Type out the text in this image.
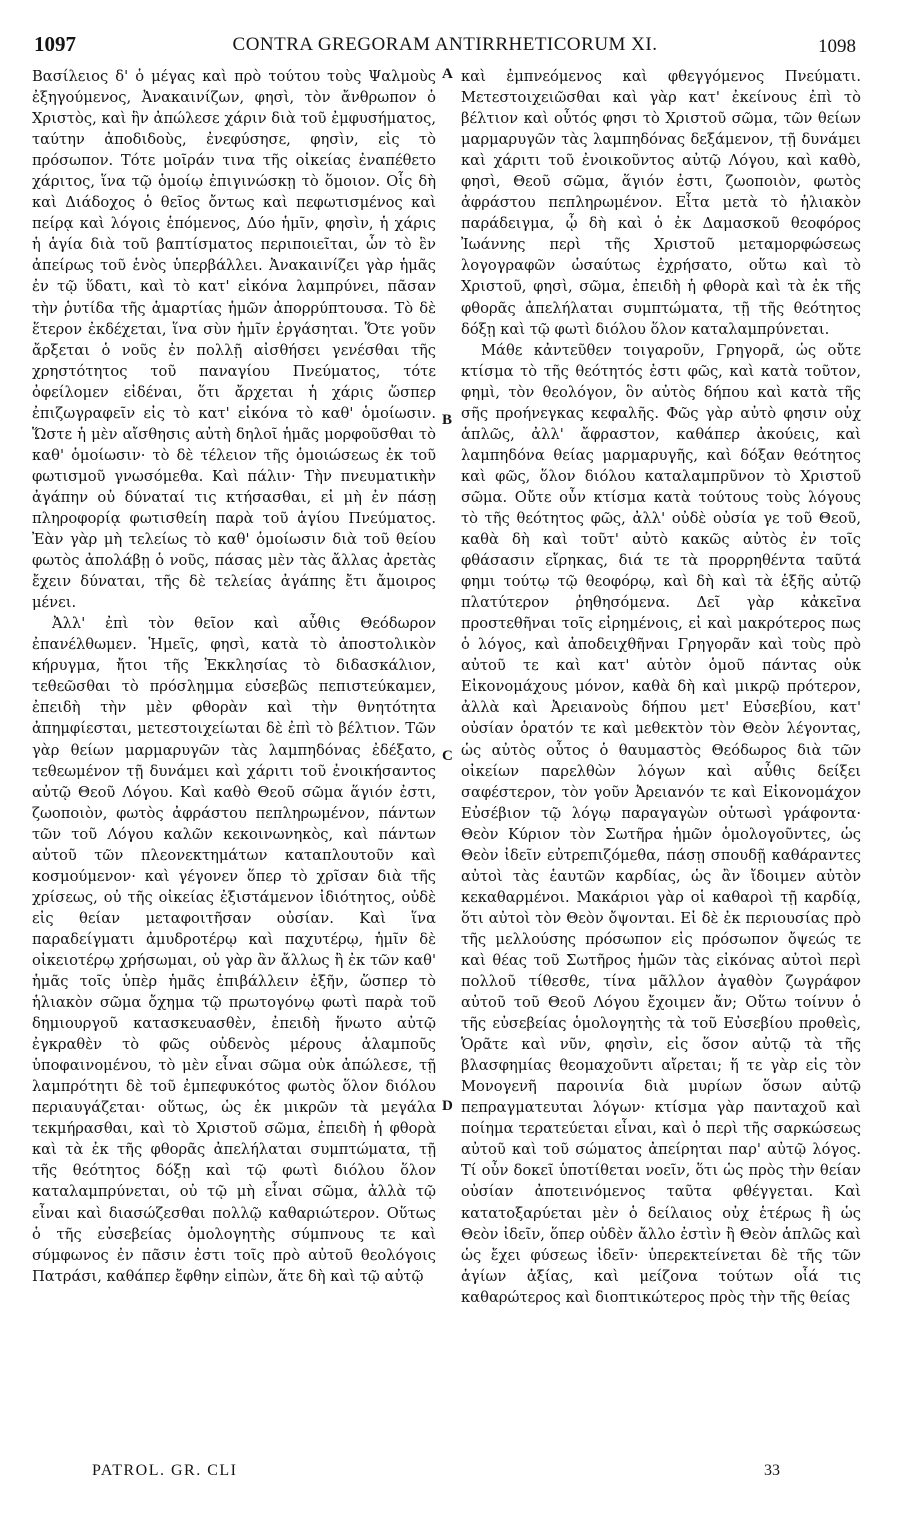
1097	CONTRA GREGORAM ANTIRRHETICORUM XI.	1098

Βασίλειος δ' ὁ μέγας καὶ πρὸ τούτου τοὺς Ψαλμοὺς ἐξηγούμενος, Ἀνακαινίζων, φησὶ, τὸν ἄνθρωπον ὁ Χριστὸς, καὶ ἣν ἀπώλεσε χάριν διὰ τοῦ ἐμφυσήματος, ταύτην ἀποδιδοὺς, ἐνεφύσησε, φησὶν, εἰς τὸ πρόσωπον. Τότε μοῖράν τινα τῆς οἰκείας ἐναπέθετο χάριτος, ἵνα τῷ ὁμοίῳ ἐπιγινώσκῃ τὸ ὅμοιον. Οἷς δὴ καὶ Διάδοχος ὁ θεῖος ὄντως καὶ πεφωτισμένος καὶ πείρᾳ καὶ λόγοις ἑπόμενος, Δύο ἡμῖν, φησὶν, ἡ χάρις ἡ ἁγία διὰ τοῦ βαπτίσματος περιποιεῖται, ὧν τὸ ἓν ἀπείρως τοῦ ἑνὸς ὑπερβάλλει. Ἀνακαινίζει γὰρ ἡμᾶς ἐν τῷ ὕδατι, καὶ τὸ κατ' εἰκόνα λαμπρύνει, πᾶσαν τὴν ῥυτίδα τῆς ἁμαρτίας ἡμῶν ἀπορρύπτουσα. Τὸ δὲ ἕτερον ἐκδέχεται, ἵνα σὺν ἡμῖν ἐργάσηται. Ὅτε γοῦν ἄρξεται ὁ νοῦς ἐν πολλῇ αἰσθήσει γενέσθαι τῆς χρηστότητος τοῦ παναγίου Πνεύματος, τότε ὀφείλομεν εἰδέναι, ὅτι ἄρχεται ἡ χάρις ὥσπερ ἐπιζωγραφεῖν εἰς τὸ κατ' εἰκόνα τὸ καθ' ὁμοίωσιν. Ὥστε ἡ μὲν αἴσθησις αὐτὴ δηλοῖ ἡμᾶς μορφοῦσθαι τὸ καθ' ὁμοίωσιν· τὸ δὲ τέλειον τῆς ὁμοιώσεως ἐκ τοῦ φωτισμοῦ γνωσόμεθα. Καὶ πάλιν· Τὴν πνευματικὴν ἀγάπην οὐ δύναταί τις κτήσασθαι, εἰ μὴ ἐν πάσῃ πληροφορίᾳ φωτισθείη παρὰ τοῦ ἁγίου Πνεύματος. Ἐὰν γὰρ μὴ τελείως τὸ καθ' ὁμοίωσιν διὰ τοῦ θείου φωτὸς ἀπολάβῃ ὁ νοῦς, πάσας μὲν τὰς ἄλλας ἀρετὰς ἔχειν δύναται, τῆς δὲ τελείας ἀγάπης ἔτι ἄμοιρος μένει.

Ἀλλ' ἐπὶ τὸν θεῖον καὶ αὖθις Θεόδωρον ἐπανέλθωμεν. Ἡμεῖς, φησὶ, κατὰ τὸ ἀποστολικὸν κήρυγμα, ἤτοι τῆς Ἐκκλησίας τὸ διδασκάλιον, τεθεῶσθαι τὸ πρόσλημμα εὐσεβῶς πεπιστεύκαμεν, ἐπειδὴ τὴν μὲν φθορὰν καὶ τὴν θνητότητα ἀπημφίεσται, μετεστοιχείωται δὲ ἐπὶ τὸ βέλτιον. Τῶν γὰρ θείων μαρμαρυγῶν τὰς λαμπηδόνας ἐδέξατο, τεθεωμένον τῇ δυνάμει καὶ χάριτι τοῦ ἐνοικήσαντος αὐτῷ Θεοῦ Λόγου. Καὶ καθὸ Θεοῦ σῶμα ἅγιόν ἐστι, ζωοποιὸν, φωτὸς ἀφράστου πεπληρωμένον, πάντων τῶν τοῦ Λόγου καλῶν κεκοινωνηκὸς, καὶ πάντων αὐτοῦ τῶν πλεονεκτημάτων καταπλουτοῦν καὶ κοσμούμενον· καὶ γέγονεν ὅπερ τὸ χρῖσαν διὰ τῆς χρίσεως, οὐ τῆς οἰκείας ἐξιστάμενον ἰδιότητος, οὐδὲ εἰς θείαν μεταφοιτῆσαν οὐσίαν. Καὶ ἵνα παραδείγματι ἀμυδροτέρῳ καὶ παχυτέρῳ, ἡμῖν δὲ οἰκειοτέρῳ χρήσωμαι, οὐ γὰρ ἂν ἄλλως ἢ ἐκ τῶν καθ' ἡμᾶς τοῖς ὑπὲρ ἡμᾶς ἐπιβάλλειν ἐξῆν, ὥσπερ τὸ ἡλιακὸν σῶμα ὄχημα τῷ πρωτογόνῳ φωτὶ παρὰ τοῦ δημιουργοῦ κατασκευασθὲν, ἐπειδὴ ἥνωτο αὐτῷ ἐγκραθὲν τὸ φῶς οὐδενὸς μέρους ἀλαμποῦς ὑποφαινομένου, τὸ μὲν εἶναι σῶμα οὐκ ἀπώλεσε, τῇ λαμπρότητι δὲ τοῦ ἐμπεφυκότος φωτὸς ὅλον διόλου περιαυγάζεται· οὕτως, ὡς ἐκ μικρῶν τὰ μεγάλα τεκμήρασθαι, καὶ τὸ Χριστοῦ σῶμα, ἐπειδὴ ἡ φθορὰ καὶ τὰ ἐκ τῆς φθορᾶς ἀπελήλαται συμπτώματα, τῇ τῆς θεότητος δόξῃ καὶ τῷ φωτὶ διόλου ὅλον καταλαμπρύνεται, οὐ τῷ μὴ εἶναι σῶμα, ἀλλὰ τῷ εἶναι καὶ διασώζεσθαι πολλῷ καθαριώτερον. Οὕτως ὁ τῆς εὐσεβείας ὁμολογητὴς σύμπνους τε καὶ σύμφωνος ἐν πᾶσιν ἐστι τοῖς πρὸ αὐτοῦ θεολόγοις Πατράσι, καθάπερ ἔφθην εἰπὼν, ἅτε δὴ καὶ τῷ αὐτῷ

A
B
C
D

καὶ ἐμπνεόμενος καὶ φθεγγόμενος Πνεύματι. Μετεστοιχειῶσθαι καὶ γὰρ κατ' ἐκείνους ἐπὶ τὸ βέλτιον καὶ οὗτός φησι τὸ Χριστοῦ σῶμα, τῶν θείων μαρμαρυγῶν τὰς λαμπηδόνας δεξάμενον, τῇ δυνάμει καὶ χάριτι τοῦ ἐνοικοῦντος αὐτῷ Λόγου, καὶ καθὸ, φησὶ, Θεοῦ σῶμα, ἅγιόν ἐστι, ζωοποιὸν, φωτὸς ἀφράστου πεπληρωμένον. Εἶτα μετὰ τὸ ἡλιακὸν παράδειγμα, ᾧ δὴ καὶ ὁ ἐκ Δαμασκοῦ θεοφόρος Ἰωάννης περὶ τῆς Χριστοῦ μεταμορφώσεως λογογραφῶν ὡσαύτως ἐχρήσατο, οὕτω καὶ τὸ Χριστοῦ, φησὶ, σῶμα, ἐπειδὴ ἡ φθορὰ καὶ τὰ ἐκ τῆς φθορᾶς ἀπελήλαται συμπτώματα, τῇ τῆς θεότητος δόξῃ καὶ τῷ φωτὶ διόλου ὅλον καταλαμπρύνεται.

Μάθε κἀντεῦθεν τοιγαροῦν, Γρηγορᾶ, ὡς οὔτε κτίσμα τὸ τῆς θεότητός ἐστι φῶς, καὶ κατὰ τοῦτον, φημὶ, τὸν θεολόγον, ὃν αὐτὸς δήπου καὶ κατὰ τῆς σῆς προήνεγκας κεφαλῆς. Φῶς γὰρ αὐτὸ φησιν οὐχ ἁπλῶς, ἀλλ' ἄφραστον, καθάπερ ἀκούεις, καὶ λαμπηδόνα θείας μαρμαρυγῆς, καὶ δόξαν θεότητος καὶ φῶς, ὅλον διόλου καταλαμπρῦνον τὸ Χριστοῦ σῶμα. Οὔτε οὖν κτίσμα κατὰ τούτους τοὺς λόγους τὸ τῆς θεότητος φῶς, ἀλλ' οὐδὲ οὐσία γε τοῦ Θεοῦ, καθὰ δὴ καὶ τοῦτ' αὐτὸ κακῶς αὐτὸς ἐν τοῖς φθάσασιν εἴρηκας, διά τε τὰ προρρηθέντα ταῦτά φημι τούτῳ τῷ θεοφόρῳ, καὶ δὴ καὶ τὰ ἑξῆς αὐτῷ πλατύτερον ῥηθησόμενα. Δεῖ γὰρ κἀκεῖνα προστεθῆναι τοῖς εἰρημένοις, εἰ καὶ μακρότερος πως ὁ λόγος, καὶ ἀποδειχθῆναι Γρηγορᾶν καὶ τοὺς πρὸ αὐτοῦ τε καὶ κατ' αὐτὸν ὁμοῦ πάντας οὐκ Εἰκονομάχους μόνον, καθὰ δὴ καὶ μικρῷ πρότερον, ἀλλὰ καὶ Ἀρειανοὺς δήπου μετ' Εὐσεβίου, κατ' οὐσίαν ὁρατόν τε καὶ μεθεκτὸν τὸν Θεὸν λέγοντας, ὡς αὐτὸς οὗτος ὁ θαυμαστὸς Θεόδωρος διὰ τῶν οἰκείων παρελθὼν λόγων καὶ αὖθις δείξει σαφέστερον, τὸν γοῦν Ἀρειανόν τε καὶ Εἰκονομάχον Εὐσέβιον τῷ λόγῳ παραγαγὼν οὑτωσὶ γράφοντα· Θεὸν Κύριον τὸν Σωτῆρα ἡμῶν ὁμολογοῦντες, ὡς Θεὸν ἰδεῖν εὐτρεπιζόμεθα, πάσῃ σπουδῇ καθάραντες αὐτοὶ τὰς ἑαυτῶν καρδίας, ὡς ἂν ἴδοιμεν αὐτὸν κεκαθαρμένοι. Μακάριοι γὰρ οἱ καθαροὶ τῇ καρδίᾳ, ὅτι αὐτοὶ τὸν Θεὸν ὄψονται. Εἰ δὲ ἐκ περιουσίας πρὸ τῆς μελλούσης πρόσωπον εἰς πρόσωπον ὄψεώς τε καὶ θέας τοῦ Σωτῆρος ἡμῶν τὰς εἰκόνας αὐτοὶ περὶ πολλοῦ τίθεσθε, τίνα μᾶλλον ἀγαθὸν ζωγράφον αὐτοῦ τοῦ Θεοῦ Λόγου ἔχοιμεν ἄν; Οὕτω τοίνυν ὁ τῆς εὐσεβείας ὁμολογητὴς τὰ τοῦ Εὐσεβίου προθεὶς, Ὁρᾶτε καὶ νῦν, φησὶν, εἰς ὅσον αὐτῷ τὰ τῆς βλασφημίας θεομαχοῦντι αἴρεται; ἥ τε γὰρ εἰς τὸν Μονογενῆ παροινία διὰ μυρίων ὅσων αὐτῷ πεπραγματευται λόγων· κτίσμα γὰρ πανταχοῦ καὶ ποίημα τερατεύεται εἶναι, καὶ ὁ περὶ τῆς σαρκώσεως αὐτοῦ καὶ τοῦ σώματος ἀπείρηται παρ' αὐτῷ λόγος. Τί οὖν δοκεῖ ὑποτίθεται νοεῖν, ὅτι ὡς πρὸς τὴν θείαν οὐσίαν ἀποτεινόμενος ταῦτα φθέγγεται. Καὶ κατατοξαρύεται μὲν ὁ δείλαιος οὐχ ἑτέρως ἢ ὡς Θεὸν ἰδεῖν, ὅπερ οὐδὲν ἄλλο ἐστὶν ἢ Θεὸν ἁπλῶς καὶ ὡς ἔχει φύσεως ἰδεῖν· ὑπερεκτείνεται δὲ τῆς τῶν ἁγίων ἀξίας, καὶ μείζονα τούτων οἷά τις καθαρώτερος καὶ διοπτικώτερος πρὸς τὴν τῆς θείας

PATROL. GR. CLI	33
